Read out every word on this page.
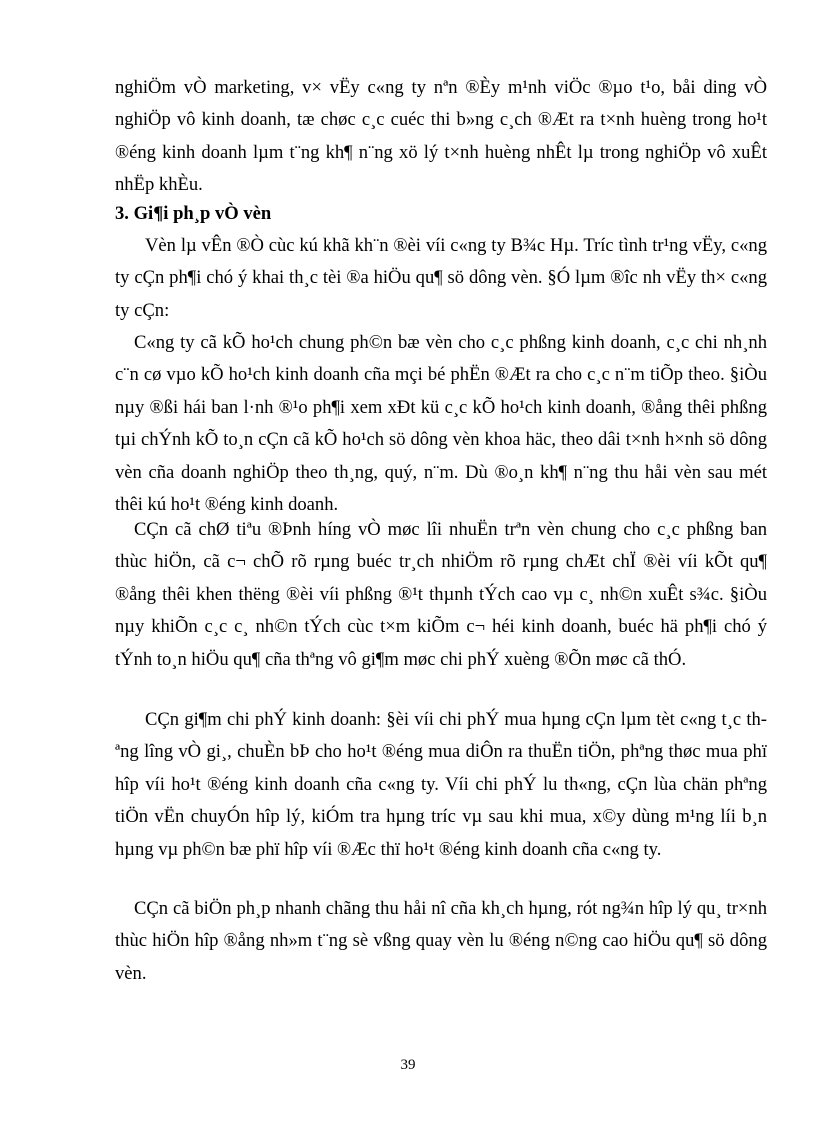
nghiÖm vÒ marketing, v× vËy c«ng ty nªn ®Èy m¹nh viÖc ®µo t¹o, båi ding vÒ nghiÖp vô kinh doanh, tæ chøc c¸c cuéc thi b»ng c¸ch ®Æt ra t×nh huèng trong ho¹t ®éng kinh doanh lµm t¨ng kh¶ n¨ng xö lý t×nh huèng nhÊt lµ trong nghiÖp vô xuÊt nhËp khÈu.

3. Gi¶i ph¸p vÒ vèn

Vèn lµ vÊn ®Ò cùc kú khã kh¨n ®èi víi c«ng ty B¾c Hµ. Tríc tình tr¹ng vËy, c«ng ty cÇn ph¶i chó ý khai th¸c tèi ®a hiÖu qu¶ sö dông vèn. §Ó lµm ®îc nh vËy th× c«ng ty cÇn:

C«ng ty cã kÕ ho¹ch chung ph©n bæ vèn cho c¸c phßng kinh doanh, c¸c chi nh¸nh c¨n cø vµo kÕ ho¹ch kinh doanh cña mçi bé phËn ®Æt ra cho c¸c n¨m tiÕp theo. §iÒu nµy ®ßi hái ban l·nh ®¹o ph¶i xem xÐt kü c¸c kÕ ho¹ch kinh doanh, ®ång thêi phßng tµi chÝnh kÕ to¸n cÇn cã kÕ ho¹ch sö dông vèn khoa häc, theo dâi t×nh h×nh sö dông vèn cña doanh nghiÖp theo th¸ng, quý, n¨m. Dù ®o¸n kh¶ n¨ng thu håi vèn sau mét thêi kú ho¹t ®éng kinh doanh.

CÇn cã chØ tiªu ®Þnh híng vÒ møc lîi nhuËn trªn vèn chung cho c¸c phßng ban thùc hiÖn, cã c¬ chÕ rõ rµng buéc tr¸ch nhiÖm rõ rµng chÆt chÏ ®èi víi kÕt qu¶ ®ång thêi khen thëng ®èi víi phßng ®¹t thµnh tÝch cao vµ c¸ nh©n xuÊt s¾c. §iÒu nµy khiÕn c¸c c¸ nh©n tÝch cùc t×m kiÕm c¬ héi kinh doanh, buéc hä ph¶i chó ý tÝnh to¸n hiÖu qu¶ cña thªng vô gi¶m møc chi phÝ xuèng ®Õn møc cã thÓ.

CÇn gi¶m chi phÝ kinh doanh: §èi víi chi phÝ mua hµng cÇn lµm tèt c«ng t¸c thªng lîng vÒ gi¸, chuÈn bÞ cho ho¹t ®éng mua diÔn ra thuËn tiÖn, phªng thøc mua phï hîp víi ho¹t ®éng kinh doanh cña c«ng ty. Víi chi phÝ lu th«ng, cÇn lùa chän phªng tiÖn vËn chuyÓn hîp lý, kiÓm tra hµng tríc vµ sau khi mua, x©y dùng m¹ng líi b¸n hµng vµ ph©n bæ phï hîp víi ®Æc thï ho¹t ®éng kinh doanh cña c«ng ty.

CÇn cã biÖn ph¸p nhanh chãng thu håi nî cña kh¸ch hµng, rót ng¾n hîp lý qu¸ tr×nh thùc hiÖn hîp ®ång nh»m t¨ng sè vßng quay vèn lu ®éng n©ng cao hiÖu qu¶ sö dông vèn.

39
